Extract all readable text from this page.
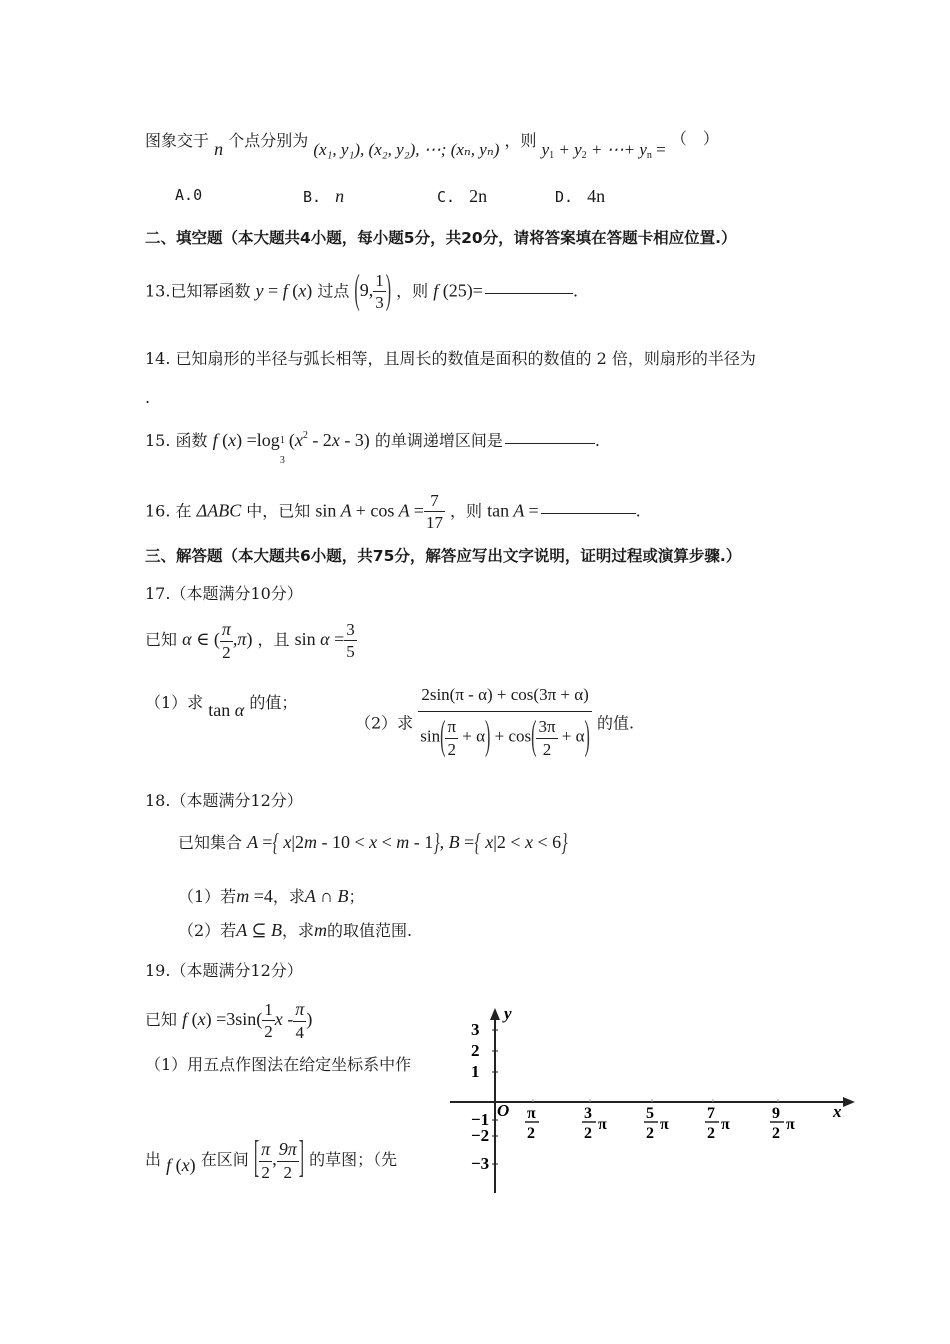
图象交于 n 个点分别为 (x₁, y₁), (x₂, y₂), ⋯; (xₙ, yₙ) ，则 $y_1 + y_2$ + ⋯+ $y_n$ = （　）
A.0	B. n	C. 2n	D. 4n
二、填空题（本大题共4小题，每小题5分，共20分，请将答案填在答题卡相应位置.）
13.已知幂函数 y = f (x) 过点 (9, $\frac{1}{3}$ ) ，则 f (25)=	.
14. 已知扇形的半径与弧长相等，且周长的数值是面积的数值的 2 倍，则扇形的半径为
.
15. 函数 f (x) =log $_{1 3}$
$(x^2 - 2x - 3)$ 的单调递增区间是	.
16. 在 ΔABC 中，已知 $\sin A + \cos A = \frac{7}{17}$ ，则 tan A =	.
三、解答题（本大题共6小题，共75分，解答应写出文字说明，证明过程或演算步骤.）
17.（本题满分10分）
已知 α ∈ ( $\frac{\pi}{2} ,\pi$) ，且 $\sin \alpha = \frac{3}{5}$
（1）求 tan α 的值；
（2）求 $\frac{2\sin(\pi - \alpha) + \cos(3\pi + \alpha)}{\sin( \frac{\pi}{2} + \alpha) + \cos( \frac{3\pi}{2} + \alpha)}$ 的值.
18.（本题满分12分）
已知集合 A ={ x|2m - 10 < x < m - 1}, B ={ x|2 < x < 6}
（1）若m =4，求A ∩ B；
（2）若A ⊆ B，求m的取值范围.
19.（本题满分12分）
已知 f $(x) =3\sin( \frac{1}{2}$ x - $\frac{\pi}{4}$ )
（1）用五点作图法在给定坐标系中作
出 f (x) 在区间 [ $\frac{\pi}{2}$ , $\frac{9\pi}{2}$ ] 的草图；（先
y
x
O
3
2
1
−1
−2
−3
π
2
3
2
π
5
2
π
7
2
π
9
2
π
